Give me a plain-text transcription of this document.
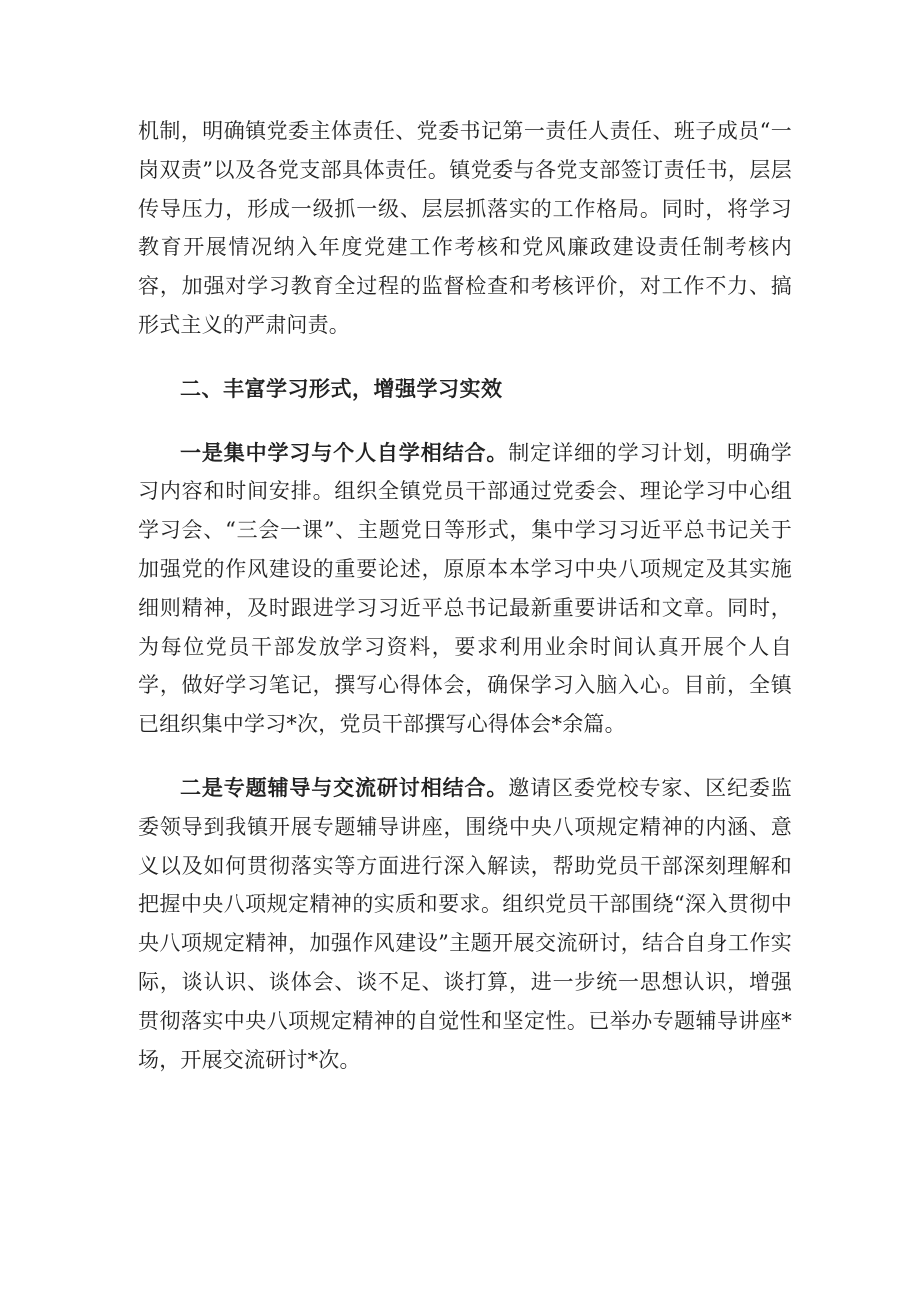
机制，明确镇党委主体责任、党委书记第一责任人责任、班子成员“一岗双责”以及各党支部具体责任。镇党委与各党支部签订责任书，层层传导压力，形成一级抓一级、层层抓落实的工作格局。同时，将学习教育开展情况纳入年度党建工作考核和党风廉政建设责任制考核内容，加强对学习教育全过程的监督检查和考核评价，对工作不力、搞形式主义的严肃问责。

二、丰富学习形式，增强学习实效

一是集中学习与个人自学相结合。制定详细的学习计划，明确学习内容和时间安排。组织全镇党员干部通过党委会、理论学习中心组学习会、“三会一课”、主题党日等形式，集中学习习近平总书记关于加强党的作风建设的重要论述，原原本本学习中央八项规定及其实施细则精神，及时跟进学习习近平总书记最新重要讲话和文章。同时，为每位党员干部发放学习资料，要求利用业余时间认真开展个人自学，做好学习笔记，撰写心得体会，确保学习入脑入心。目前，全镇已组织集中学习*次，党员干部撰写心得体会*余篇。

二是专题辅导与交流研讨相结合。邀请区委党校专家、区纪委监委领导到我镇开展专题辅导讲座，围绕中央八项规定精神的内涵、意义以及如何贯彻落实等方面进行深入解读，帮助党员干部深刻理解和把握中央八项规定精神的实质和要求。组织党员干部围绕“深入贯彻中央八项规定精神，加强作风建设”主题开展交流研讨，结合自身工作实际，谈认识、谈体会、谈不足、谈打算，进一步统一思想认识，增强贯彻落实中央八项规定精神的自觉性和坚定性。已举办专题辅导讲座*场，开展交流研讨*次。
